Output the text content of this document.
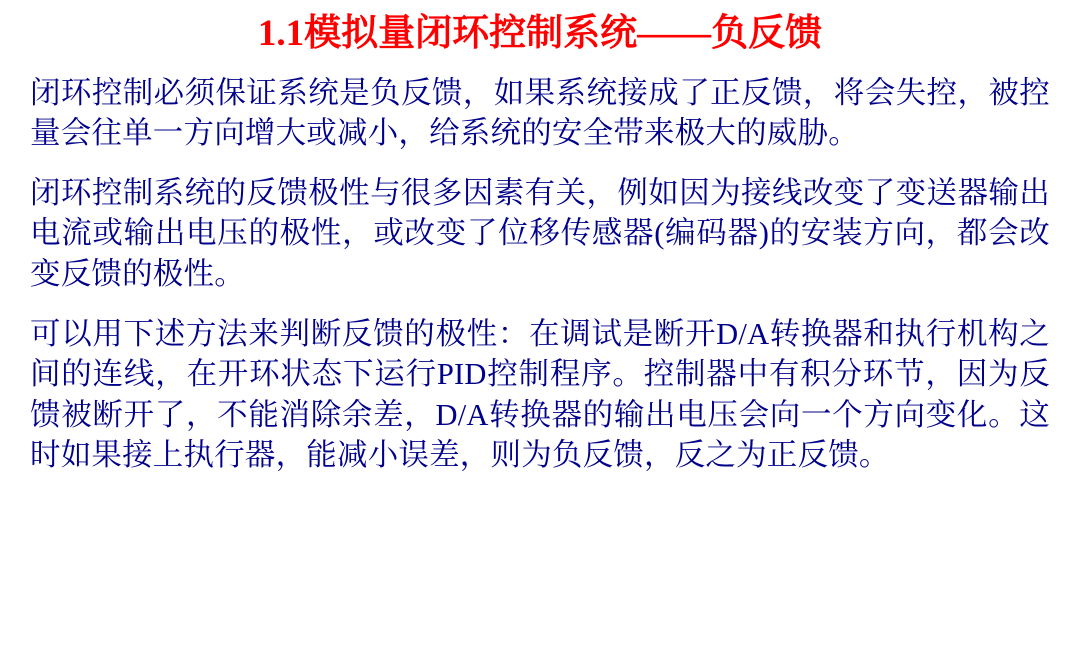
1.1模拟量闭环控制系统——负反馈

闭环控制必须保证系统是负反馈，如果系统接成了正反馈，将会失控，被控量会往单一方向增大或减小，给系统的安全带来极大的威胁。

闭环控制系统的反馈极性与很多因素有关，例如因为接线改变了变送器输出电流或输出电压的极性，或改变了位移传感器(编码器)的安装方向，都会改变反馈的极性。

可以用下述方法来判断反馈的极性：在调试是断开D/A转换器和执行机构之间的连线，在开环状态下运行PID控制程序。控制器中有积分环节，因为反馈被断开了，不能消除余差，D/A转换器的输出电压会向一个方向变化。这时如果接上执行器，能减小误差，则为负反馈，反之为正反馈。
